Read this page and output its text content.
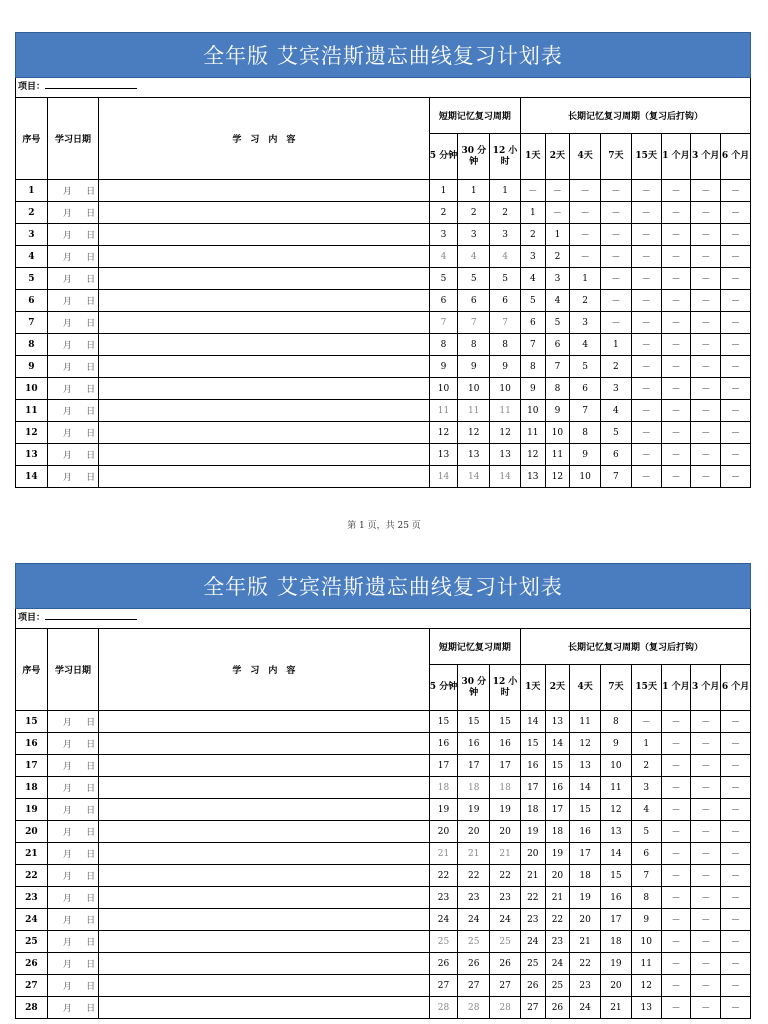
全年版 艾宾浩斯遗忘曲线复习计划表
项目：
序号	学习日期	学　习　内　容	短期记忆复习周期			长期记忆复习周期（复习后打钩）							
			5 分钟	30 分钟	12 小时	1天	2天	4天	7天	15天	1 个月	3 个月	6 个月
1	月 日		1	1	1	－	－	－	－	－	－	－	－
2	月 日		2	2	2	1	－	－	－	－	－	－	－
3	月 日		3	3	3	2	1	－	－	－	－	－	－
4	月 日		4	4	4	3	2	－	－	－	－	－	－
5	月 日		5	5	5	4	3	1	－	－	－	－	－
6	月 日		6	6	6	5	4	2	－	－	－	－	－
7	月 日		7	7	7	6	5	3	－	－	－	－	－
8	月 日		8	8	8	7	6	4	1	－	－	－	－
9	月 日		9	9	9	8	7	5	2	－	－	－	－
10	月 日		10	10	10	9	8	6	3	－	－	－	－
11	月 日		11	11	11	10	9	7	4	－	－	－	－
12	月 日		12	12	12	11	10	8	5	－	－	－	－
13	月 日		13	13	13	12	11	9	6	－	－	－	－
14	月 日		14	14	14	13	12	10	7	－	－	－	－
第 1 页，共 25 页
全年版 艾宾浩斯遗忘曲线复习计划表
项目：
序号	学习日期	学　习　内　容	短期记忆复习周期			长期记忆复习周期（复习后打钩）							
			5 分钟	30 分钟	12 小时	1天	2天	4天	7天	15天	1 个月	3 个月	6 个月
15	月 日		15	15	15	14	13	11	8	－	－	－	－
16	月 日		16	16	16	15	14	12	9	1	－	－	－
17	月 日		17	17	17	16	15	13	10	2	－	－	－
18	月 日		18	18	18	17	16	14	11	3	－	－	－
19	月 日		19	19	19	18	17	15	12	4	－	－	－
20	月 日		20	20	20	19	18	16	13	5	－	－	－
21	月 日		21	21	21	20	19	17	14	6	－	－	－
22	月 日		22	22	22	21	20	18	15	7	－	－	－
23	月 日		23	23	23	22	21	19	16	8	－	－	－
24	月 日		24	24	24	23	22	20	17	9	－	－	－
25	月 日		25	25	25	24	23	21	18	10	－	－	－
26	月 日		26	26	26	25	24	22	19	11	－	－	－
27	月 日		27	27	27	26	25	23	20	12	－	－	－
28	月 日		28	28	28	27	26	24	21	13	－	－	－
